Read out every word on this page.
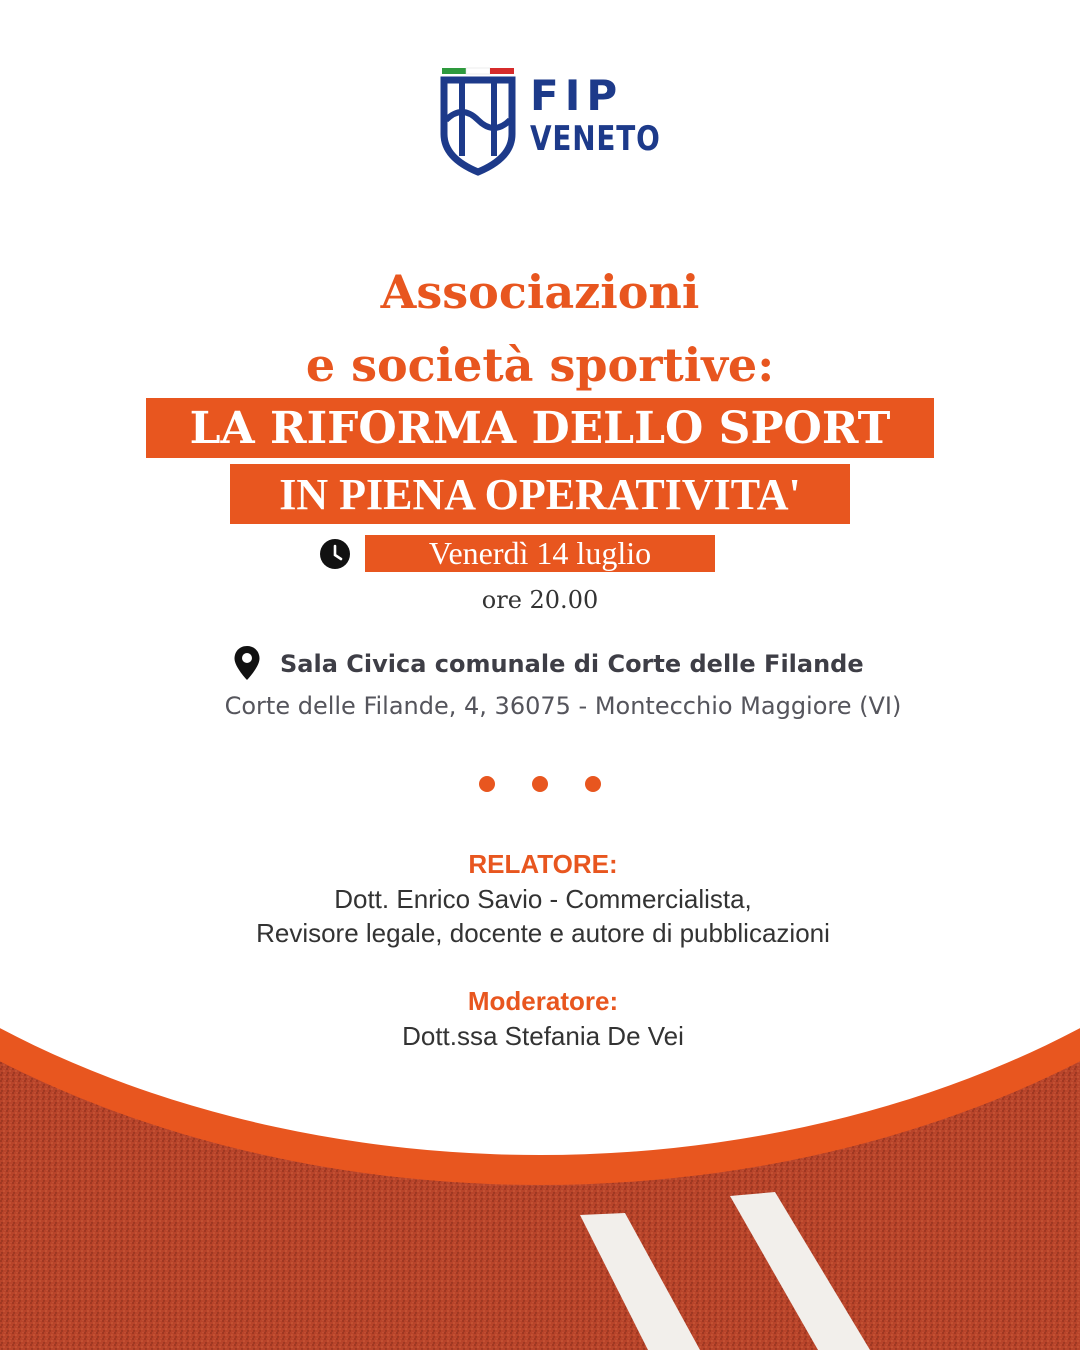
FIP
VENETO
Associazioni
e società sportive:
LA RIFORMA DELLO SPORT
IN PIENA OPERATIVITA'
Venerdì 14 luglio
ore 20.00
Sala Civica comunale di Corte delle Filande
Corte delle Filande, 4, 36075 - Montecchio Maggiore (VI)
RELATORE:
Dott. Enrico Savio - Commercialista,
Revisore legale, docente e autore di pubblicazioni
Moderatore:
Dott.ssa Stefania De Vei
